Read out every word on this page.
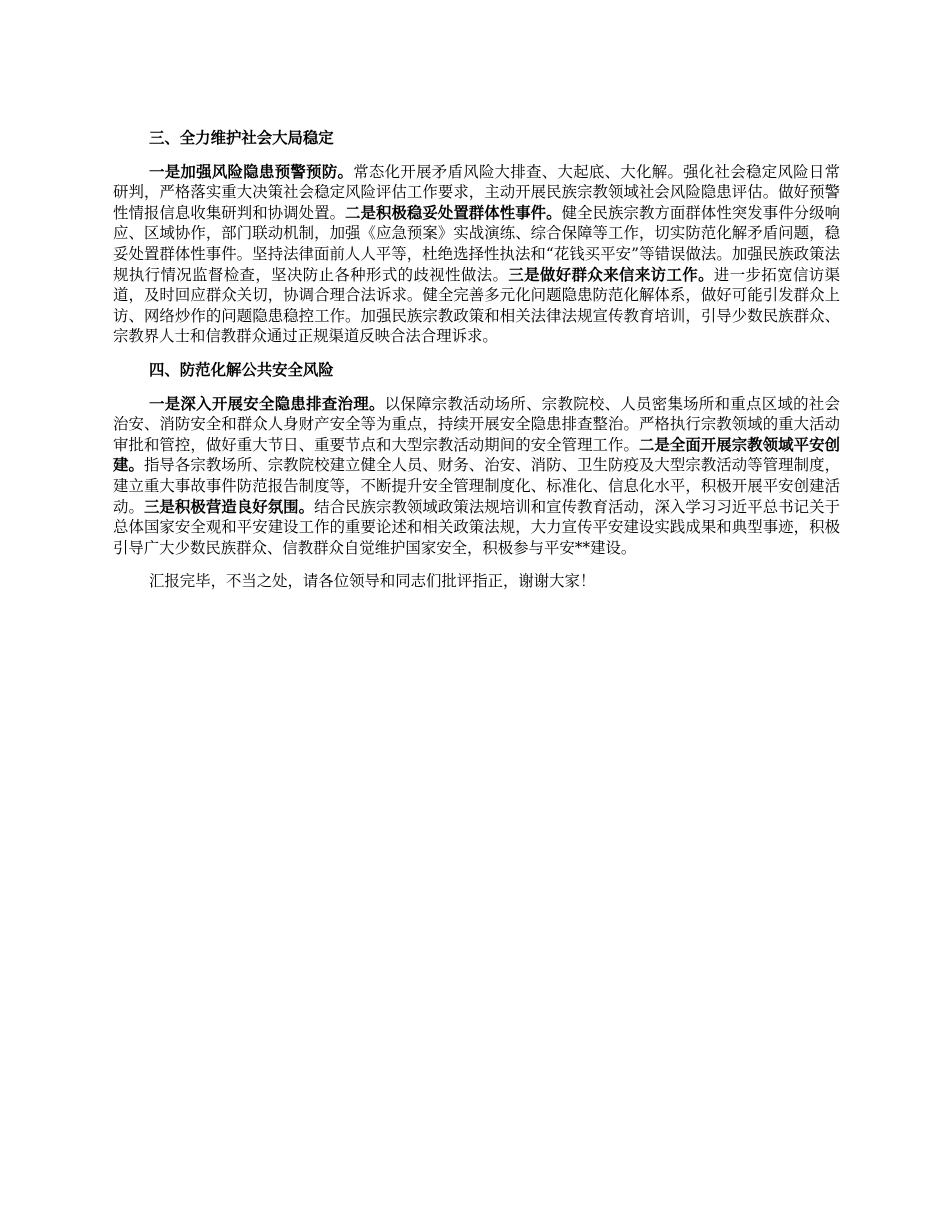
三、全力维护社会大局稳定

一是加强风险隐患预警预防。常态化开展矛盾风险大排查、大起底、大化解。强化社会稳定风险日常研判，严格落实重大决策社会稳定风险评估工作要求，主动开展民族宗教领域社会风险隐患评估。做好预警性情报信息收集研判和协调处置。二是积极稳妥处置群体性事件。健全民族宗教方面群体性突发事件分级响应、区域协作，部门联动机制，加强《应急预案》实战演练、综合保障等工作，切实防范化解矛盾问题，稳妥处置群体性事件。坚持法律面前人人平等，杜绝选择性执法和“花钱买平安”等错误做法。加强民族政策法规执行情况监督检查，坚决防止各种形式的歧视性做法。三是做好群众来信来访工作。进一步拓宽信访渠道，及时回应群众关切，协调合理合法诉求。健全完善多元化问题隐患防范化解体系，做好可能引发群众上访、网络炒作的问题隐患稳控工作。加强民族宗教政策和相关法律法规宣传教育培训，引导少数民族群众、宗教界人士和信教群众通过正规渠道反映合法合理诉求。

四、防范化解公共安全风险

一是深入开展安全隐患排查治理。以保障宗教活动场所、宗教院校、人员密集场所和重点区域的社会治安、消防安全和群众人身财产安全等为重点，持续开展安全隐患排查整治。严格执行宗教领域的重大活动审批和管控，做好重大节日、重要节点和大型宗教活动期间的安全管理工作。二是全面开展宗教领域平安创建。指导各宗教场所、宗教院校建立健全人员、财务、治安、消防、卫生防疫及大型宗教活动等管理制度，建立重大事故事件防范报告制度等，不断提升安全管理制度化、标准化、信息化水平，积极开展平安创建活动。三是积极营造良好氛围。结合民族宗教领域政策法规培训和宣传教育活动，深入学习习近平总书记关于总体国家安全观和平安建设工作的重要论述和相关政策法规，大力宣传平安建设实践成果和典型事迹，积极引导广大少数民族群众、信教群众自觉维护国家安全，积极参与平安**建设。

汇报完毕，不当之处，请各位领导和同志们批评指正，谢谢大家！
